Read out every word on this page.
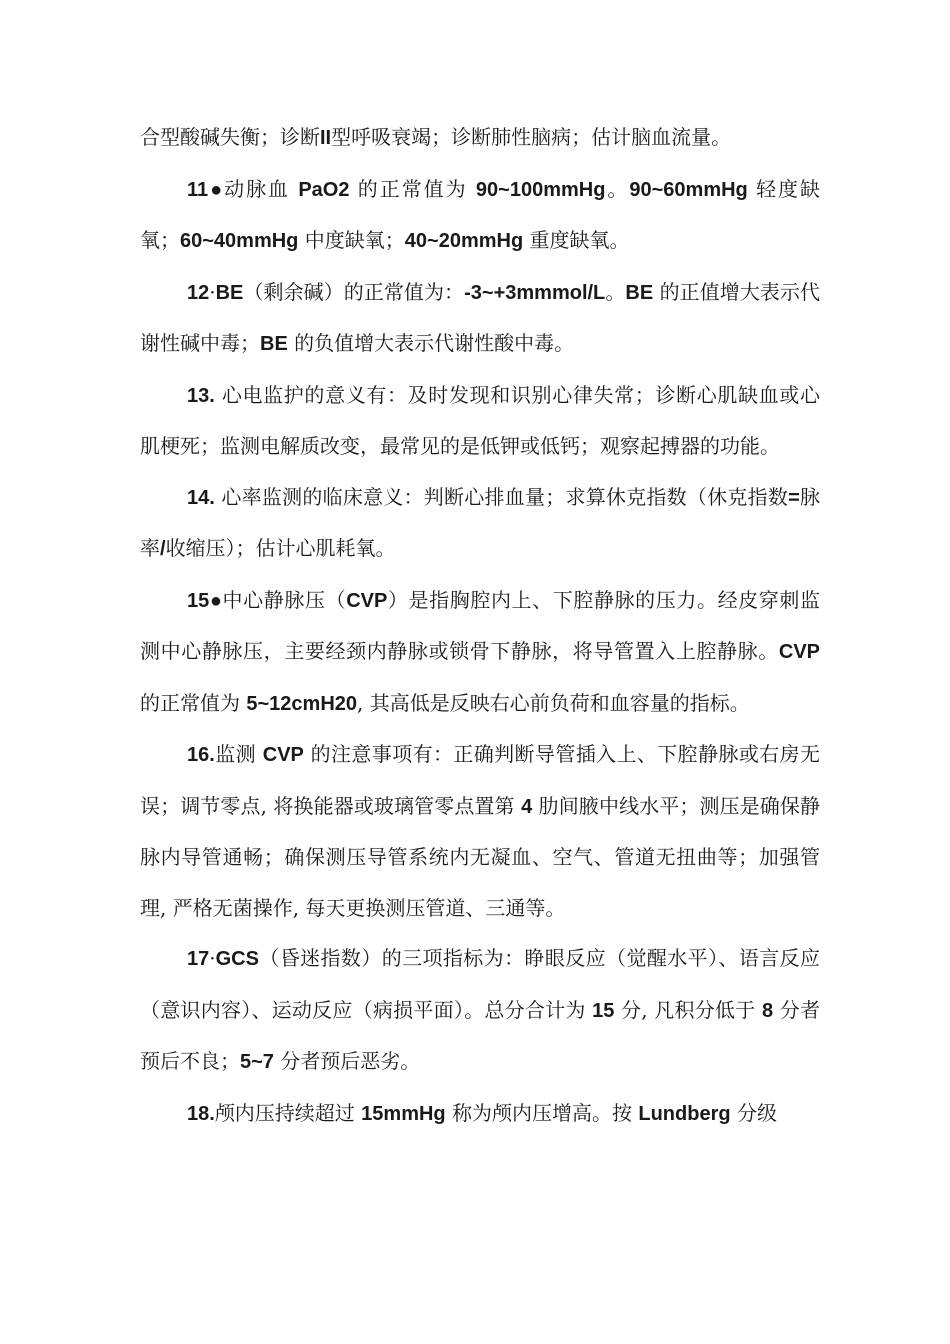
合型酸碱失衡；诊断II型呼吸衰竭；诊断肺性脑病；估计脑血流量。

11●动脉血 PaO2 的正常值为 90~100mmHg。90~60mmHg 轻度缺氧；60~40mmHg 中度缺氧；40~20mmHg 重度缺氧。

12·BE（剩余碱）的正常值为：-3~+3mmmol/L。BE 的正值增大表示代谢性碱中毒；BE 的负值增大表示代谢性酸中毒。

13. 心电监护的意义有：及时发现和识别心律失常；诊断心肌缺血或心肌梗死；监测电解质改变，最常见的是低钾或低钙；观察起搏器的功能。

14. 心率监测的临床意义：判断心排血量；求算休克指数（休克指数=脉率/收缩压）；估计心肌耗氧。

15●中心静脉压（CVP）是指胸腔内上、下腔静脉的压力。经皮穿刺监测中心静脉压，主要经颈内静脉或锁骨下静脉，将导管置入上腔静脉。CVP 的正常值为 5~12cmH20, 其高低是反映右心前负荷和血容量的指标。

16.监测 CVP 的注意事项有：正确判断导管插入上、下腔静脉或右房无误；调节零点, 将换能器或玻璃管零点置第 4 肋间腋中线水平；测压是确保静脉内导管通畅；确保测压导管系统内无凝血、空气、管道无扭曲等；加强管理, 严格无菌操作, 每天更换测压管道、三通等。

17·GCS（昏迷指数）的三项指标为：睁眼反应（觉醒水平）、语言反应（意识内容）、运动反应（病损平面）。总分合计为 15 分, 凡积分低于 8 分者预后不良；5~7 分者预后恶劣。

18.颅内压持续超过 15mmHg 称为颅内压增高。按 Lundberg 分级
